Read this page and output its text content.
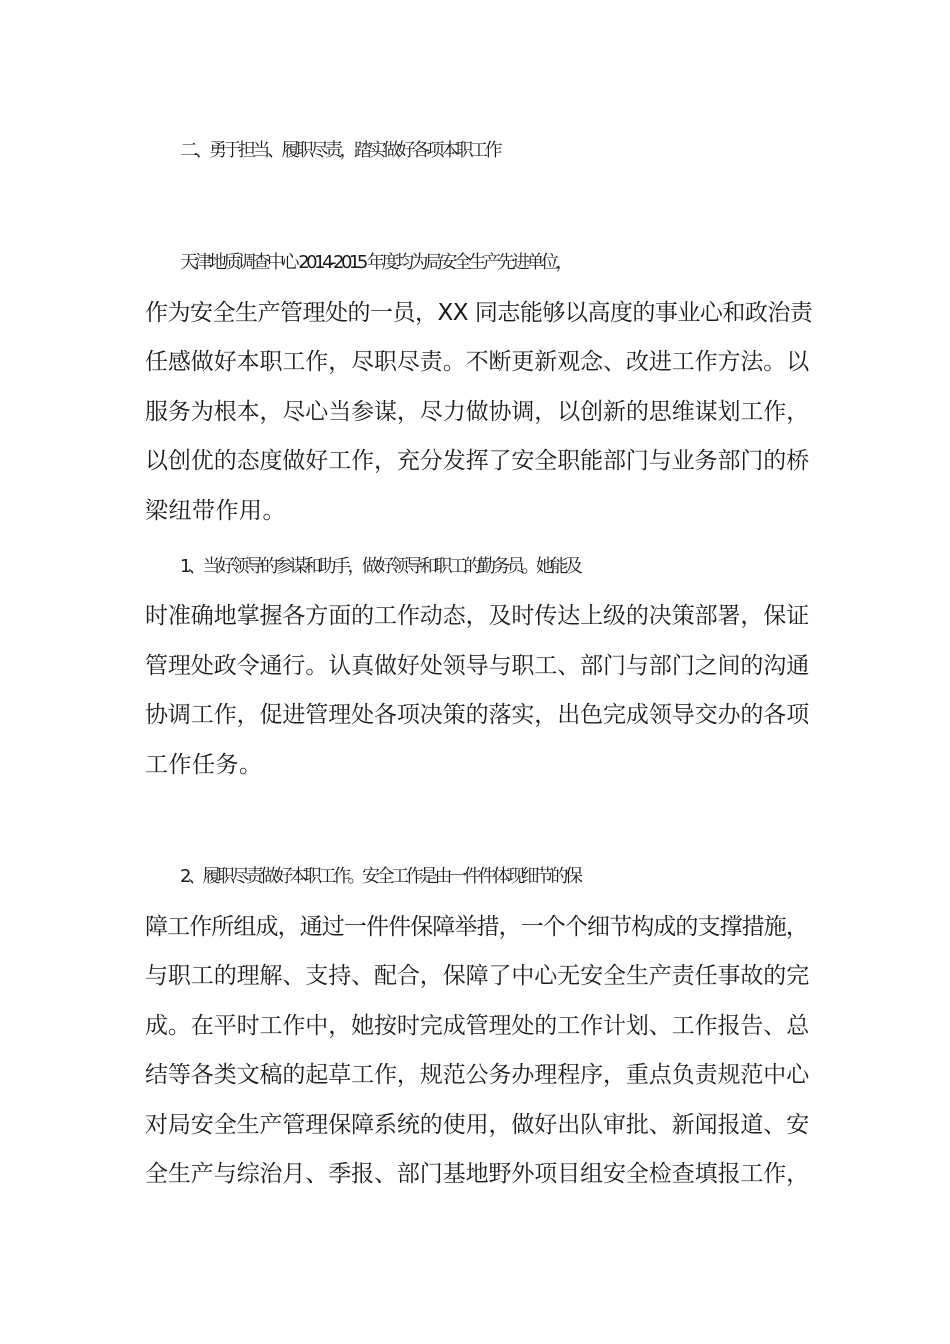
二、勇于担当、履职尽责，踏实做好各项本职工作
天津地质调查中心 2014-2015 年度均为局安全生产先进单位，
作为安全生产管理处的一员，XX 同志能够以高度的事业心和政治责
任感做好本职工作，尽职尽责。不断更新观念、改进工作方法。以
服务为根本，尽心当参谋，尽力做协调，以创新的思维谋划工作，
以创优的态度做好工作，充分发挥了安全职能部门与业务部门的桥
梁纽带作用。
1、当好领导的参谋和助手，做好领导和职工的勤务员。她能及
时准确地掌握各方面的工作动态，及时传达上级的决策部署，保证
管理处政令通行。认真做好处领导与职工、部门与部门之间的沟通
协调工作，促进管理处各项决策的落实，出色完成领导交办的各项
工作任务。
2、履职尽责做好本职工作。安全工作是由一件件体现细节的保
障工作所组成，通过一件件保障举措，一个个细节构成的支撑措施，
与职工的理解、支持、配合，保障了中心无安全生产责任事故的完
成。在平时工作中，她按时完成管理处的工作计划、工作报告、总
结等各类文稿的起草工作，规范公务办理程序，重点负责规范中心
对局安全生产管理保障系统的使用，做好出队审批、新闻报道、安
全生产与综治月、季报、部门基地野外项目组安全检查填报工作，
